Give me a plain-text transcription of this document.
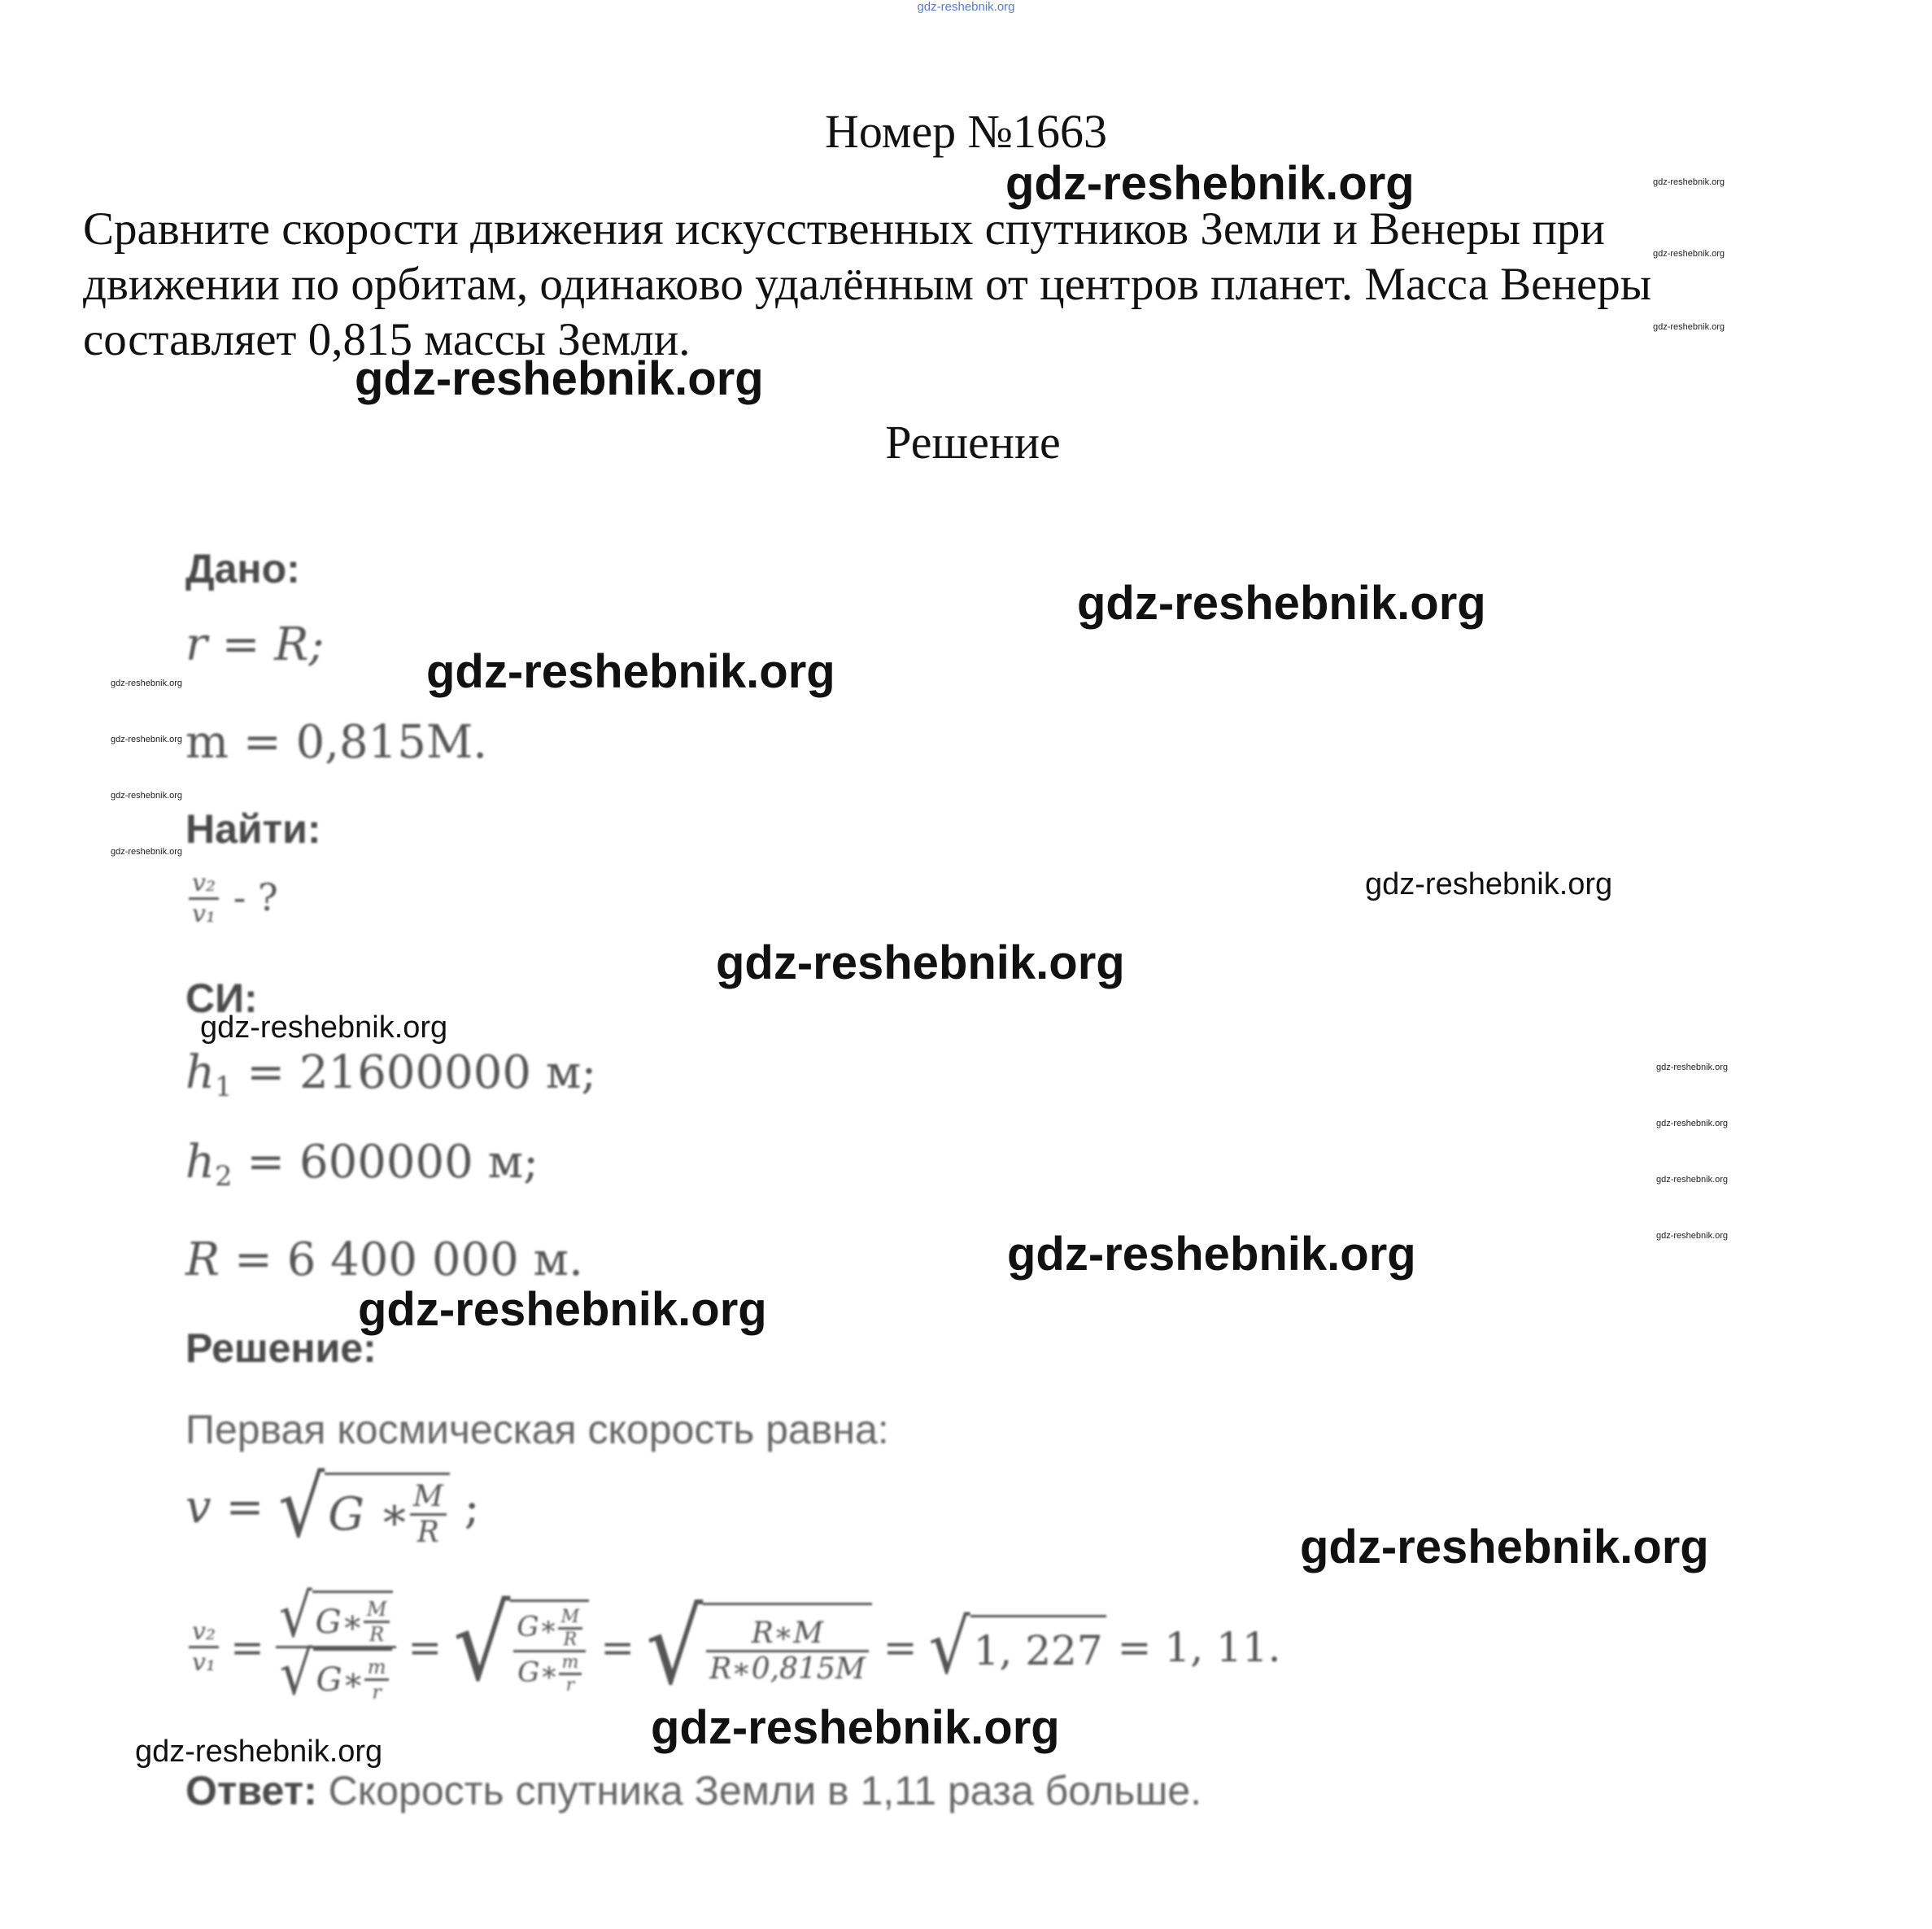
gdz-reshebnik.org
Номер №1663
Сравните скорости движения искусственных спутников Земли и Венеры при
движении по орбитам, одинаково удалённым от центров планет. Масса Венеры
составляет 0,815 массы Земли.
Решение
Дано:
r = R;
m = 0,815M.
Найти:
$\frac{\text{v₂}}{\text{v₁}}$ - ?
СИ:
$h_1 = 21600000$ м;
$h_2 = 600000$ м;
R = 6 400 000 м.
Решение:
Первая космическая скорость равна:
v = √ G ∗ $\frac{M}{R}$ ;
$\frac{\text{v₂}}{\text{v₁}} = \frac{√ G∗ \frac{M}{R}}{√ G∗ \frac{m}{r}}$ = √ $\frac{G∗ \frac{M}{R}}{G∗ \frac{m}{r}}$ = √ $\frac{R∗M}{R∗0,815M}$ = √ 1, 227 = 1, 11.
Ответ: Скорость спутника Земли в 1,11 раза больше.
gdz-reshebnik.org
gdz-reshebnik.org
gdz-reshebnik.org
gdz-reshebnik.org
gdz-reshebnik.org
gdz-reshebnik.org
gdz-reshebnik.org
gdz-reshebnik.org
gdz-reshebnik.org
gdz-reshebnik.org
gdz-reshebnik.org
gdz-reshebnik.org
gdz-reshebnik.org
gdz-reshebnik.org
gdz-reshebnik.org
gdz-reshebnik.org
gdz-reshebnik.org
gdz-reshebnik.org
gdz-reshebnik.org
gdz-reshebnik.org
gdz-reshebnik.org
gdz-reshebnik.org
gdz-reshebnik.org
